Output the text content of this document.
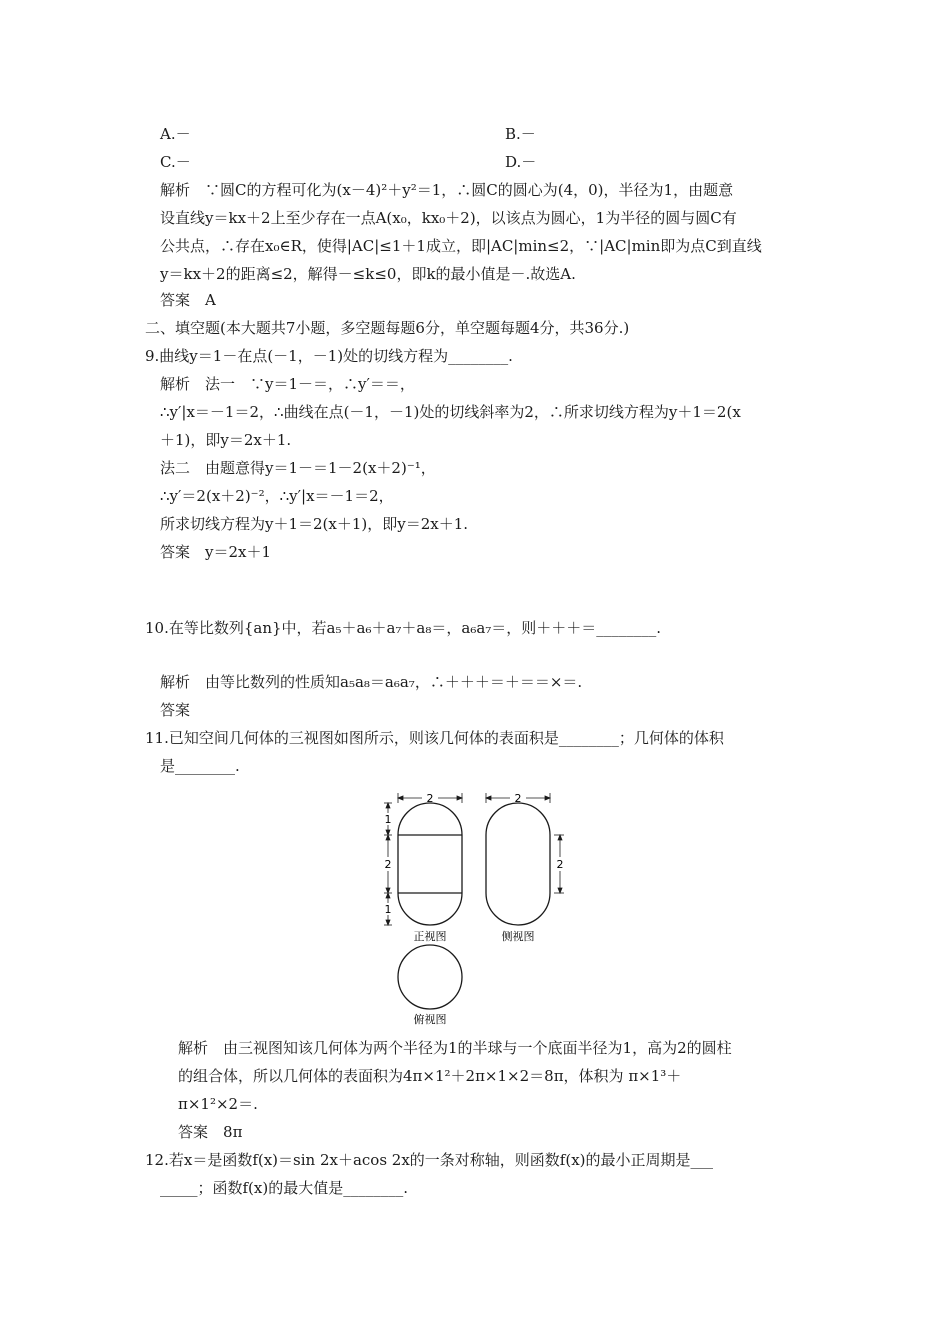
A.－	B.－
C.－	D.－
解析　 ∵圆C的方程可化为(x－4)²＋y²＝1，∴圆C的圆心为(4，0)，半径为1，由题意
设直线y＝kx＋2上至少存在一点A(x₀，kx₀＋2)，以该点为圆心，1为半径的圆与圆C有
公共点，∴存在x₀∈R，使得|AC|≤1＋1成立，即|AC|min≤2，∵|AC|min即为点C到直线
y＝kx＋2的距离≤2，解得－≤k≤0，即k的最小值是－.故选A.
答案　 A
二、填空题(本大题共7小题，多空题每题6分，单空题每题4分，共36分.)
9.曲线y＝1－在点(－1，－1)处的切线方程为________.
解析　法一　∵y＝1－＝，∴y′＝＝，
∴y′|x＝－1＝2，∴曲线在点(－1，－1)处的切线斜率为2，∴所求切线方程为y＋1＝2(x
＋1)，即y＝2x＋1.
法二　由题意得y＝1－＝1－2(x＋2)⁻¹，
∴y′＝2(x＋2)⁻²，∴y′|x＝－1＝2，
所求切线方程为y＋1＝2(x＋1)，即y＝2x＋1.
答案　 y＝2x＋1
10.在等比数列{an}中，若a₅＋a₆＋a₇＋a₈＝，a₆a₇＝，则＋＋＋＝________.
解析　由等比数列的性质知a₅a₈＝a₆a₇，∴＋＋＋＝＋＝＝×＝.
答案
11.已知空间几何体的三视图如图所示，则该几何体的表面积是________；几何体的体积
是________.
2	2
1
2
1
2
正视图	侧视图
俯视图
解析　由三视图知该几何体为两个半径为1的半球与一个底面半径为1，高为2的圆柱
的组合体，所以几何体的表面积为4π×1²＋2π×1×2＝8π，体积为 π×1³＋
π×1²×2＝.
答案　 8π
12.若x＝是函数f(x)＝sin 2x＋acos 2x的一条对称轴，则函数f(x)的最小正周期是___
_____；函数f(x)的最大值是________.
